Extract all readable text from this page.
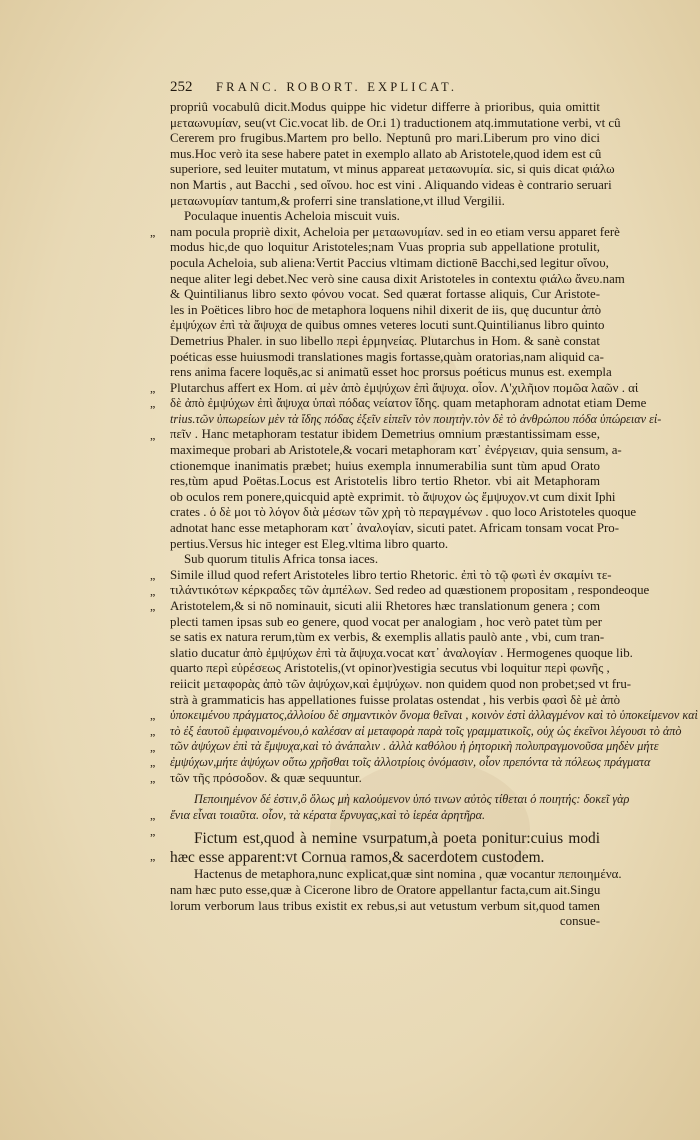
252 FRANC. ROBORT. EXPLICAT.
„
„
„
„
„
„
„
„
„
„
„
„
„
„
„
propriû vocabulû dicit.Modus quippe hic videtur differre à prioribus, quia omittit
μεταωνυμίαν, seu(vt Cic.vocat lib. de Or.i 1) traductionem atq.immutatione verbi, vt cû
Cererem pro frugibus.Martem pro bello. Neptunû pro mari.Liberum pro vino dici
mus.Hoc verò ita sese habere patet in exemplo allato ab Aristotele,quod idem est cû
superiore, sed leuiter mutatum, vt minus appareat μεταωνυμία. sic, si quis dicat φιάλω
non Martis , aut Bacchi , sed οἴνου. hoc est vini . Aliquando videas è contrario seruari
μεταωνυμίαν tantum,& proferri sine translatione,vt illud Vergilii.
Poculaque inuentis Acheloia miscuit vuis.
nam pocula propriè dixit, Acheloia per μεταωνυμίαν. sed in eo etiam versu apparet ferè
modus hic,de quo loquitur Aristoteles;nam Vuas propria sub appellatione protulit,
pocula Acheloia, sub aliena:Vertit Paccius vltimam dictionē Bacchi,sed legitur οἴνου,
neque aliter legi debet.Nec verò sine causa dixit Aristoteles in contextu φιάλω ἄνευ.nam
& Quintilianus libro sexto φόνου vocat. Sed quærat fortasse aliquis, Cur Aristote-
les in Poëtices libro hoc de metaphora loquens nihil dixerit de iis, quę ducuntur ἀπὸ
ἐμψύχων ἐπὶ τὰ ἄψυχα de quibus omnes veteres locuti sunt.Quintilianus libro quinto
Demetrius Phaler. in suo libello περὶ ἑρμηνείας. Plutarchus in Hom. & sanè constat
poéticas esse huiusmodi translationes magis fortasse,quàm oratorias,nam aliquid ca-
rens anima facere loquẽs,ac si animatũ esset hoc prorsus poéticus munus est. exempla
Plutarchus affert ex Hom. αἱ μὲν ἀπὸ ἐμψύχων ἐπὶ ἄψυχα. οἷον. Λ'χιλῆιον πομῶα λαῶν . αἱ
δὲ ἀπὸ ἐμψύχων ἐπὶ ἄψυχα ὑπαὶ πόδας νείατον ἴδης. quam metaphoram adnotat etiam Deme
trius.τῶν ὑπωρείων μὲν τὰ ἴδης πόδας ἐξεῖν εἰπεῖν τὸν ποιητὴν.τὸν δὲ τὸ ἀνθρώπου πόδα ὑπώρειαν εἰ-
πεῖν . Hanc metaphoram testatur ibidem Demetrius omnium præstantissimam esse,
maximeque probari ab Aristotele,& vocari metaphoram κατ᾽ ἐνέργειαν, quia sensum, a-
ctionemque inanimatis præbet; huius exempla innumerabilia sunt tùm apud Orato
res,tùm apud Poëtas.Locus est Aristotelis libro tertio Rhetor. vbi ait Metaphoram
ob oculos rem ponere,quicquid aptè exprimit. τὸ ἄψυχον ὡς ἔμψυχον.vt cum dixit Iphi
crates . ὁ δὲ μοι τὸ λόγον διὰ μέσων τῶν χρὴ τὸ περαγμένων . quo loco Aristoteles quoque
adnotat hanc esse metaphoram κατ᾽ ἀναλογίαν, sicuti patet. Africam tonsam vocat Pro-
pertius.Versus hic integer est Eleg.vltima libro quarto.
Sub quorum titulis Africa tonsa iaces.
Simile illud quod refert Aristoteles libro tertio Rhetoric. ἐπὶ τὸ τῷ φωτὶ ἐν σκαμίνι τε-
τιλάντικότων κέρκραδες τῶν ἀμπέλων. Sed redeo ad quæstionem propositam , respondeoque
Aristotelem,& si nō nominauit, sicuti alii Rhetores hæc translationum genera ; com
plecti tamen ipsas sub eo genere, quod vocat per analogiam , hoc verò patet tùm per
se satis ex natura rerum,tùm ex verbis, & exemplis allatis paulò ante , vbi, cum tran-
slatio ducatur ἀπὸ ἐμψύχων ἐπὶ τὰ ἄψυχα.vocat κατ᾽ ἀναλογίαν . Hermogenes quoque lib.
quarto περὶ εὑρέσεως Aristotelis,(vt opinor)vestigia secutus vbi loquitur περὶ φωνῆς ,
reiicit μεταφορὰς ἀπὸ τῶν ἀψύχων,καὶ ἐμψύχων. non quidem quod non probet;sed vt fru-
strà à grammaticis has appellationes fuisse prolatas ostendat , his verbis φασὶ δὲ μὲ ἀπὸ
ὑποκειμένου πράγματος,ἀλλοίου δὲ σημαντικὸν ὄνομα θεῖναι , κοινὸν ἐστὶ ἀλλαγμένον καὶ τὸ ὑποκείμενον καὶ
τὸ ἐξ ἑαυτοῦ ἐμφαινομένου,ὁ καλέσαν αἱ μεταφορὰ παρὰ τοῖς γραμματικοῖς, οὐχ ὡς ἐκεῖνοι λέγουσι τὸ ἀπὸ
τῶν ἀψύχων ἐπὶ τὰ ἔμψυχα,καὶ τὸ ἀνάπαλιν . ἀλλὰ καθόλου ἡ ῥητορικὴ πολυπραγμονοῦσα μηδὲν μήτε
ἐμψύχων,μήτε ἀψύχων οὕτω χρῆσθαι τοῖς ἀλλοτρίοις ὀνόμασιν, οἷον πρεπόντα τὰ πόλεως πράγματα
τῶν τῆς πρόσοδον. & quæ sequuntur.
Πεποιημένον δέ ἐστιν,ὃ ὅλως μὴ καλούμενον ὑπό τινων αὐτὸς τίθεται ὁ ποιητής: δοκεῖ γὰρ
ἔνια εἶναι τοιαῦτα. οἷον, τὰ κέρατα ἔρνυγας,καὶ τὸ ἱερέα ἀρητῆρα.
Fictum est,quod à nemine vsurpatum,à poeta ponitur:cuius modi
hæc esse apparent:vt Cornua ramos,& sacerdotem custodem.
Hactenus de metaphora,nunc explicat,quæ sint nomina , quæ vocantur πεποιημένα.
nam hæc puto esse,quæ à Cicerone libro de Oratore appellantur facta,cum ait.Singu
lorum verborum laus tribus existit ex rebus,si aut vetustum verbum sit,quod tamen
consue-
